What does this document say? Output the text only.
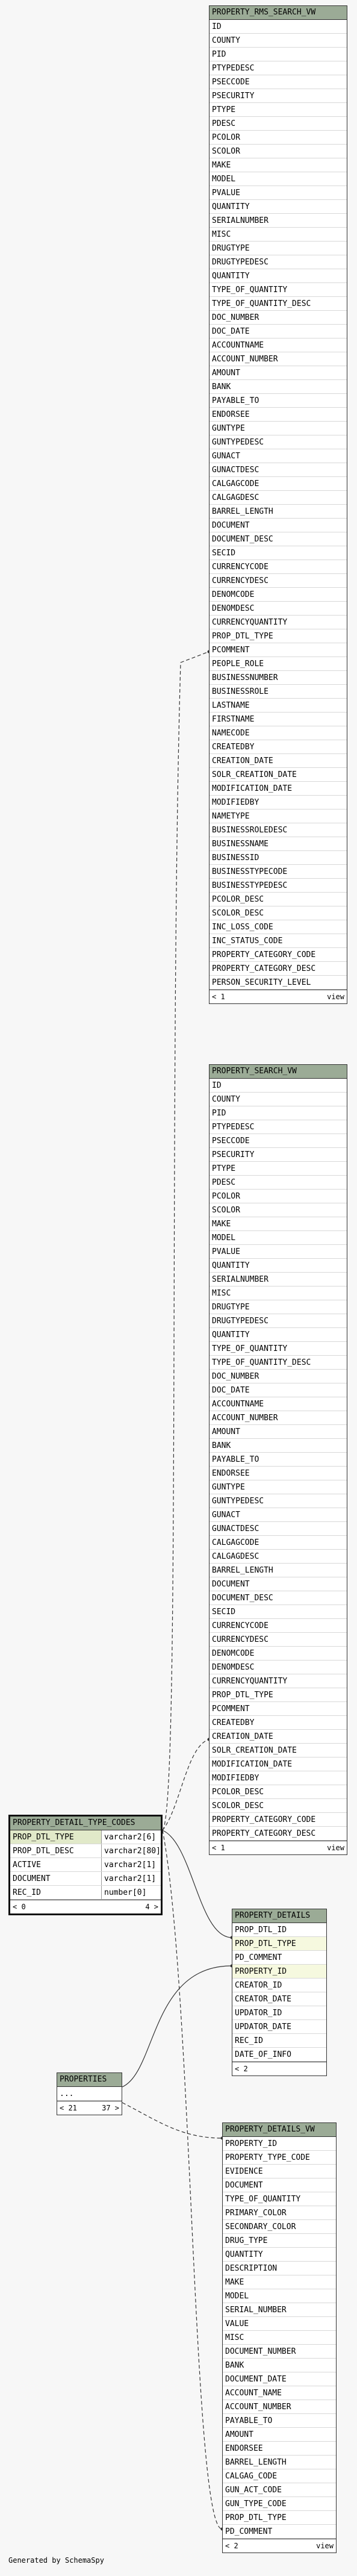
PROPERTY_RMS_SEARCH_VW
ID
COUNTY
PID
PTYPEDESC
PSECCODE
PSECURITY
PTYPE
PDESC
PCOLOR
SCOLOR
MAKE
MODEL
PVALUE
QUANTITY
SERIALNUMBER
MISC
DRUGTYPE
DRUGTYPEDESC
QUANTITY
TYPE_OF_QUANTITY
TYPE_OF_QUANTITY_DESC
DOC_NUMBER
DOC_DATE
ACCOUNTNAME
ACCOUNT_NUMBER
AMOUNT
BANK
PAYABLE_TO
ENDORSEE
GUNTYPE
GUNTYPEDESC
GUNACT
GUNACTDESC
CALGAGCODE
CALGAGDESC
BARREL_LENGTH
DOCUMENT
DOCUMENT_DESC
SECID
CURRENCYCODE
CURRENCYDESC
DENOMCODE
DENOMDESC
CURRENCYQUANTITY
PROP_DTL_TYPE
PCOMMENT
PEOPLE_ROLE
BUSINESSNUMBER
BUSINESSROLE
LASTNAME
FIRSTNAME
NAMECODE
CREATEDBY
CREATION_DATE
SOLR_CREATION_DATE
MODIFICATION_DATE
MODIFIEDBY
NAMETYPE
BUSINESSROLEDESC
BUSINESSNAME
BUSINESSID
BUSINESSTYPECODE
BUSINESSTYPEDESC
PCOLOR_DESC
SCOLOR_DESC
INC_LOSS_CODE
INC_STATUS_CODE
PROPERTY_CATEGORY_CODE
PROPERTY_CATEGORY_DESC
PERSON_SECURITY_LEVEL
< 1	view
PROPERTY_SEARCH_VW
ID
COUNTY
PID
PTYPEDESC
PSECCODE
PSECURITY
PTYPE
PDESC
PCOLOR
SCOLOR
MAKE
MODEL
PVALUE
QUANTITY
SERIALNUMBER
MISC
DRUGTYPE
DRUGTYPEDESC
QUANTITY
TYPE_OF_QUANTITY
TYPE_OF_QUANTITY_DESC
DOC_NUMBER
DOC_DATE
ACCOUNTNAME
ACCOUNT_NUMBER
AMOUNT
BANK
PAYABLE_TO
ENDORSEE
GUNTYPE
GUNTYPEDESC
GUNACT
GUNACTDESC
CALGAGCODE
CALGAGDESC
BARREL_LENGTH
DOCUMENT
DOCUMENT_DESC
SECID
CURRENCYCODE
CURRENCYDESC
DENOMCODE
DENOMDESC
CURRENCYQUANTITY
PROP_DTL_TYPE
PCOMMENT
CREATEDBY
CREATION_DATE
SOLR_CREATION_DATE
MODIFICATION_DATE
MODIFIEDBY
PCOLOR_DESC
SCOLOR_DESC
PROPERTY_CATEGORY_CODE
PROPERTY_CATEGORY_DESC
< 1	view
PROPERTY_DETAIL_TYPE_CODES
PROP_DTL_TYPE	varchar2[6]
PROP_DTL_DESC	varchar2[80]
ACTIVE	varchar2[1]
DOCUMENT	varchar2[1]
REC_ID	number[0]
< 0	4 >
PROPERTY_DETAILS
PROP_DTL_ID
PROP_DTL_TYPE
PD_COMMENT
PROPERTY_ID
CREATOR_ID
CREATOR_DATE
UPDATOR_ID
UPDATOR_DATE
REC_ID
DATE_OF_INFO
< 2
PROPERTIES
...
< 21	37 >
PROPERTY_DETAILS_VW
PROPERTY_ID
PROPERTY_TYPE_CODE
EVIDENCE
DOCUMENT
TYPE_OF_QUANTITY
PRIMARY_COLOR
SECONDARY_COLOR
DRUG_TYPE
QUANTITY
DESCRIPTION
MAKE
MODEL
SERIAL_NUMBER
VALUE
MISC
DOCUMENT_NUMBER
BANK
DOCUMENT_DATE
ACCOUNT_NAME
ACCOUNT_NUMBER
PAYABLE_TO
AMOUNT
ENDORSEE
BARREL_LENGTH
CALGAG_CODE
GUN_ACT_CODE
GUN_TYPE_CODE
PROP_DTL_TYPE
PD_COMMENT
< 2	view
Generated by SchemaSpy
